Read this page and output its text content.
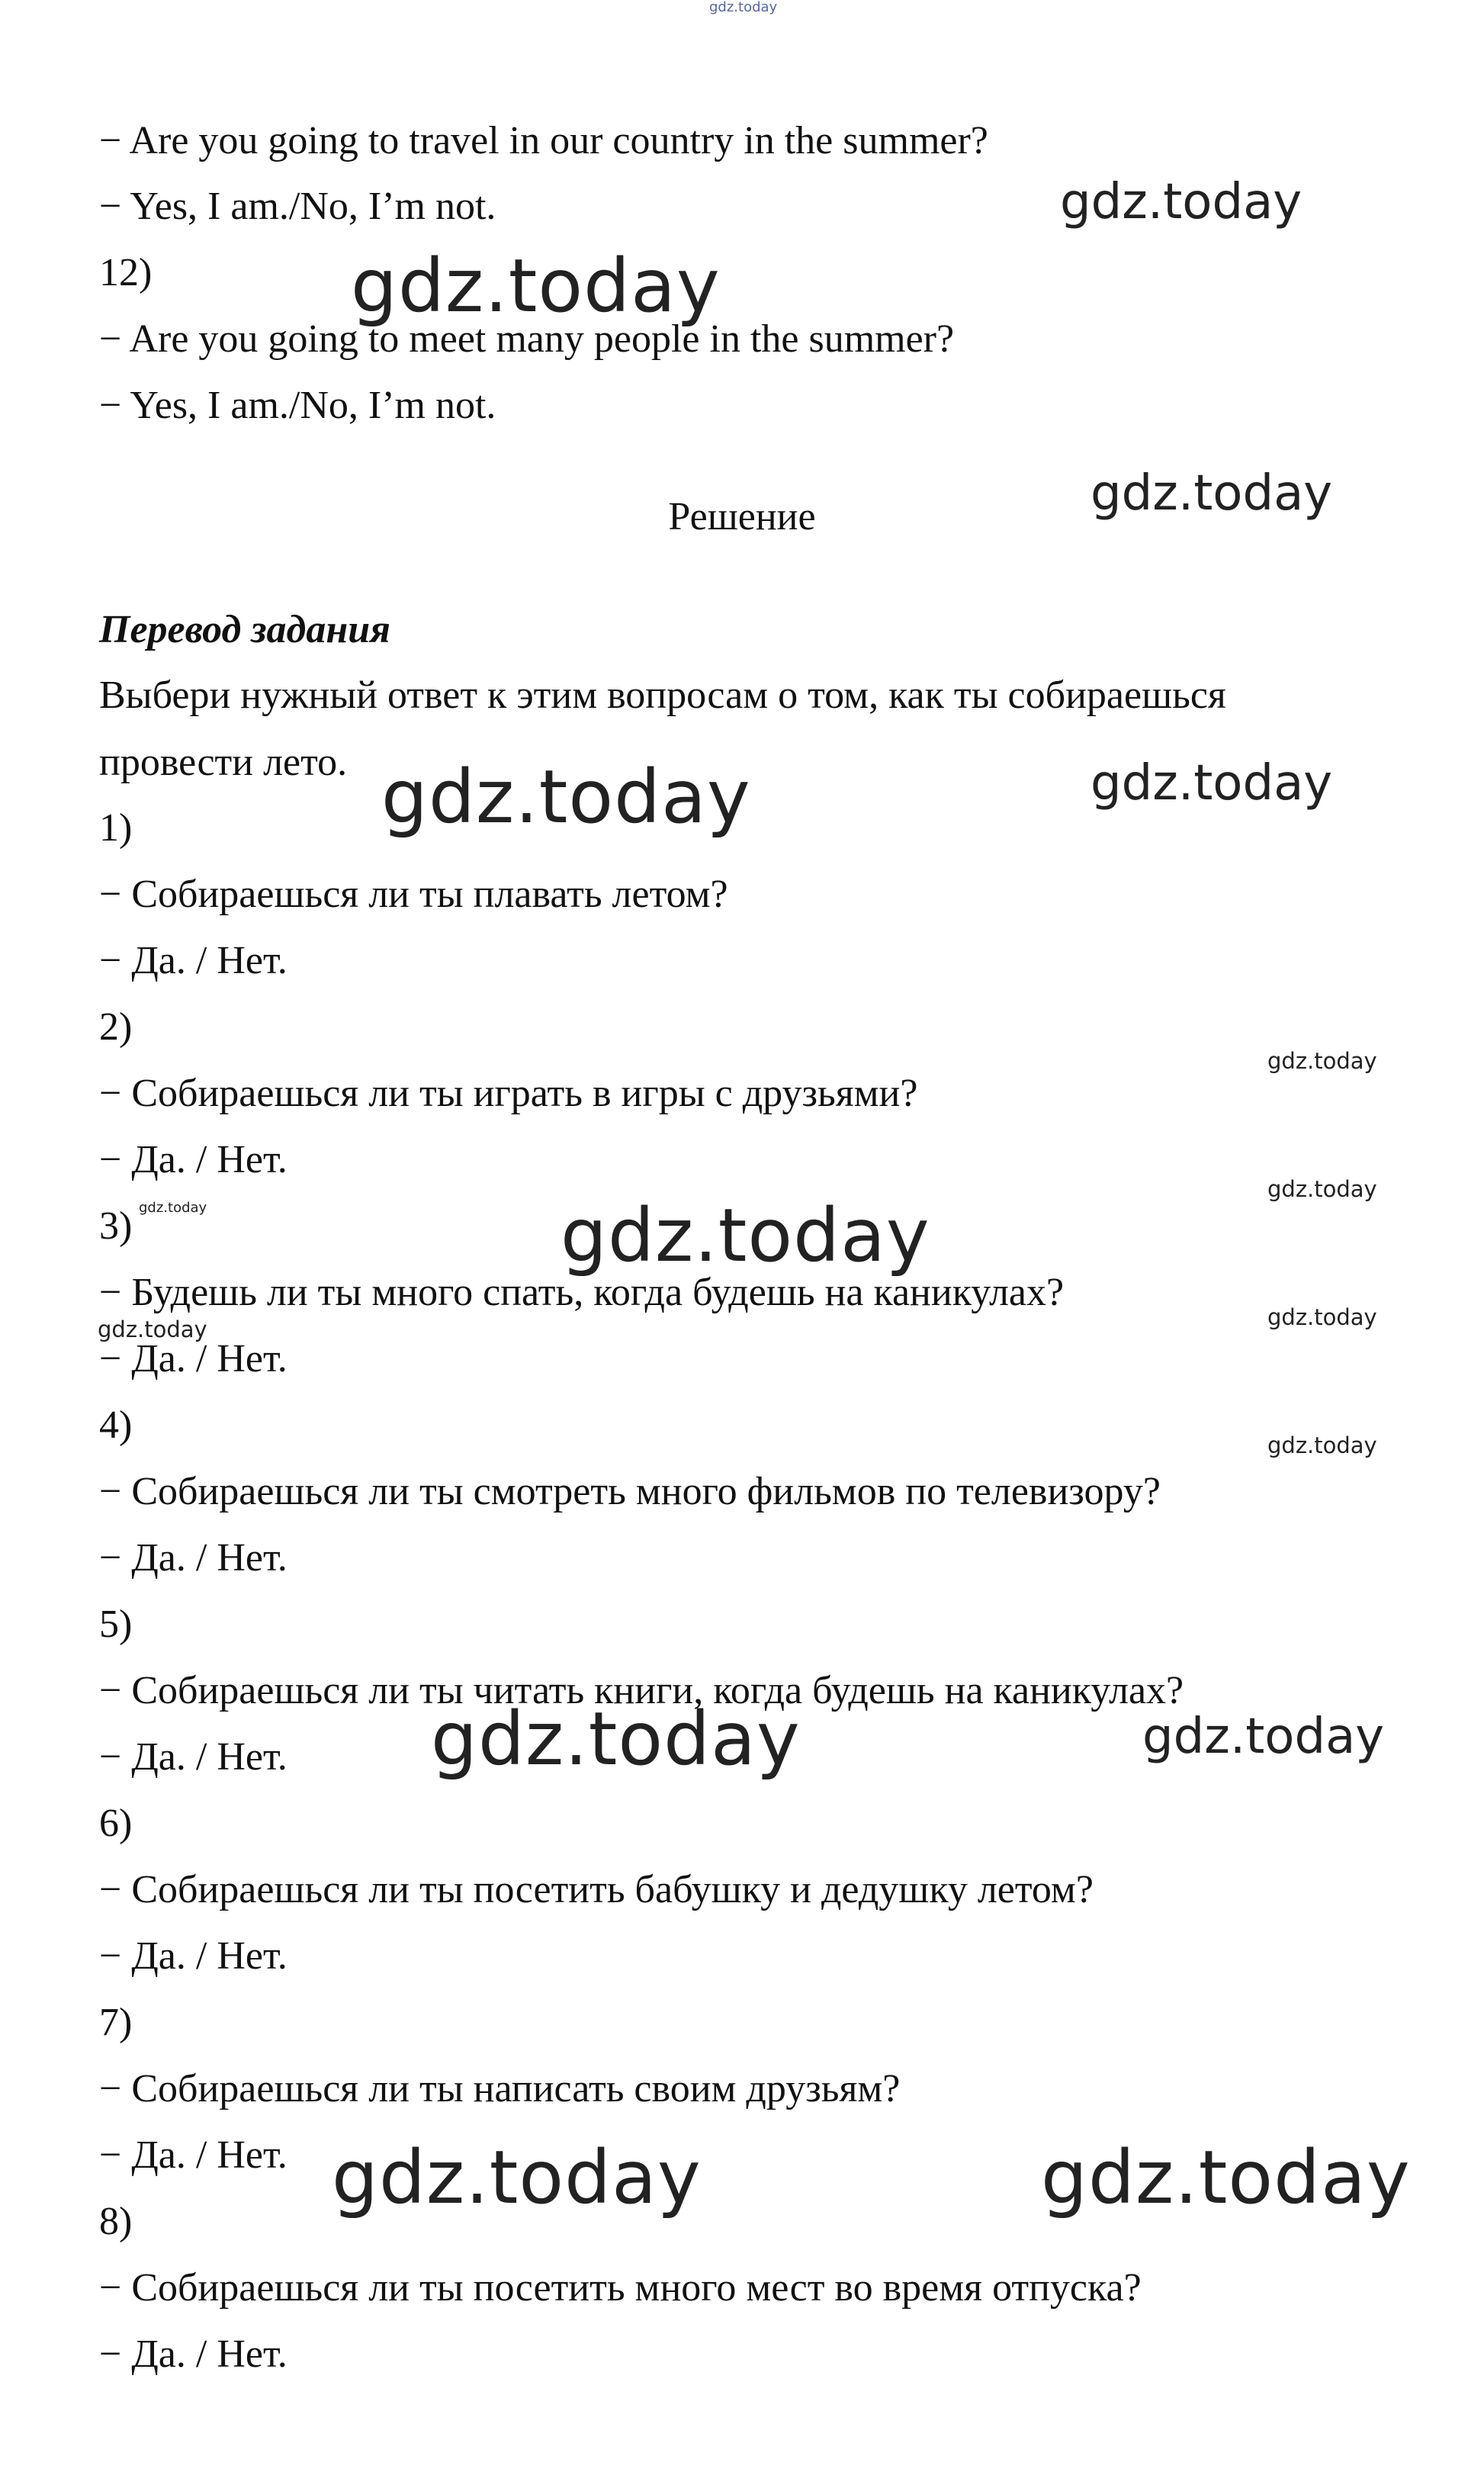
gdz.today
gdz.today
gdz.today
gdz.today
gdz.today	gdz.today
gdz.today
gdz.today
gdz.today	gdz.today
gdz.today
gdz.today
gdz.today
gdz.today	gdz.today
gdz.today	gdz.today
− Are you going to travel in our country in the summer?
− Yes, I am./No, I’m not.
12)
− Are you going to meet many people in the summer?
− Yes, I am./No, I’m not.
Решение
Перевод задания
Выбери нужный ответ к этим вопросам о том, как ты собираешься
провести лето.
1)
− Собираешься ли ты плавать летом?
− Да. / Нет.
2)
− Собираешься ли ты играть в игры с друзьями?
− Да. / Нет.
3)
− Будешь ли ты много спать, когда будешь на каникулах?
− Да. / Нет.
4)
− Собираешься ли ты смотреть много фильмов по телевизору?
− Да. / Нет.
5)
− Собираешься ли ты читать книги, когда будешь на каникулах?
− Да. / Нет.
6)
− Собираешься ли ты посетить бабушку и дедушку летом?
− Да. / Нет.
7)
− Собираешься ли ты написать своим друзьям?
− Да. / Нет.
8)
− Собираешься ли ты посетить много мест во время отпуска?
− Да. / Нет.
